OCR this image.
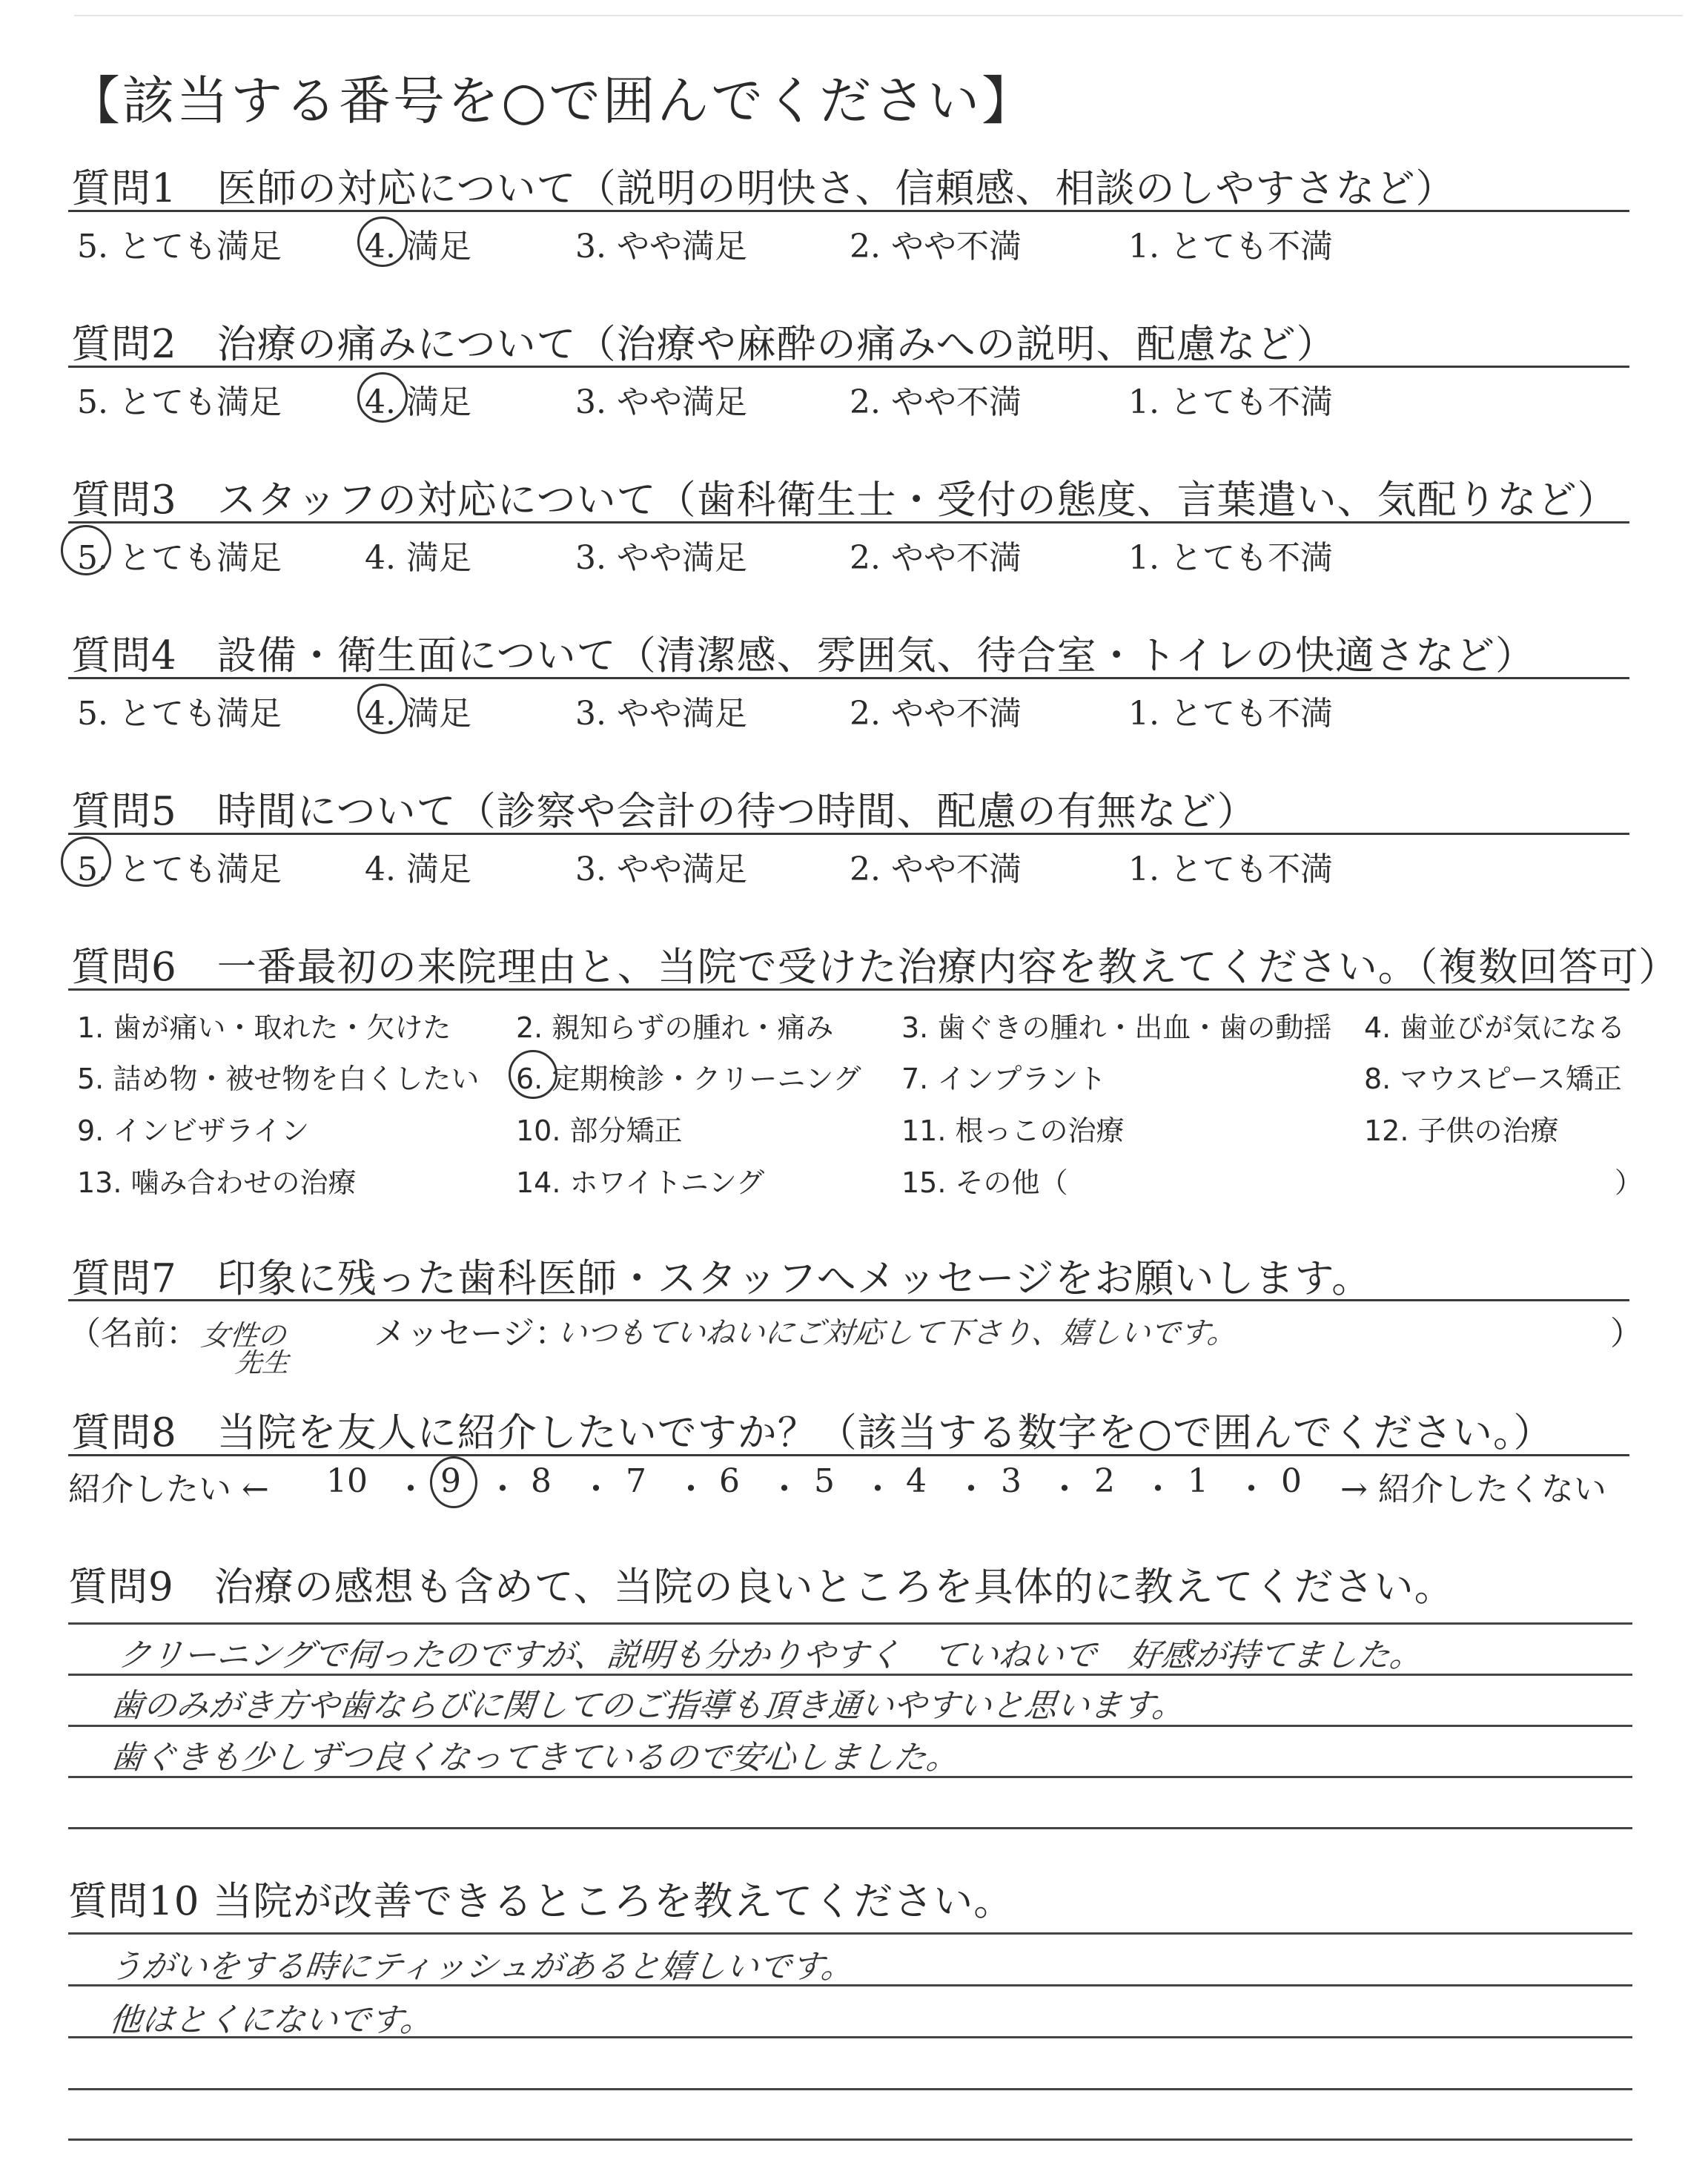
【該当する番号を○で囲んでください】
質問1　医師の対応について（説明の明快さ、信頼感、相談のしやすさなど）
5. とても満足	4. 満足	3. やや満足	2. やや不満	1. とても不満
質問2　治療の痛みについて（治療や麻酔の痛みへの説明、配慮など）
5. とても満足	4. 満足	3. やや満足	2. やや不満	1. とても不満
質問3　スタッフの対応について（歯科衛生士・受付の態度、言葉遣い、気配りなど）
5. とても満足	4. 満足	3. やや満足	2. やや不満	1. とても不満
質問4　設備・衛生面について（清潔感、雰囲気、待合室・トイレの快適さなど）
5. とても満足	4. 満足	3. やや満足	2. やや不満	1. とても不満
質問5　時間について（診察や会計の待つ時間、配慮の有無など）
5. とても満足	4. 満足	3. やや満足	2. やや不満	1. とても不満
質問6　一番最初の来院理由と、当院で受けた治療内容を教えてください。（複数回答可）
1. 歯が痛い・取れた・欠けた 2. 親知らずの腫れ・痛み 3. 歯ぐきの腫れ・出血・歯の動揺 4. 歯並びが気になる
5. 詰め物・被せ物を白くしたい 6. 定期検診・クリーニング 7. インプラント	8. マウスピース矯正
9. インビザライン	10. 部分矯正	11. 根っこの治療	12. 子供の治療
13. 噛み合わせの治療	14. ホワイトニング	15. その他（	）
質問7　印象に残った歯科医師・スタッフへメッセージをお願いします。
（名前： 女性の
先生
メッセージ：
いつもていねいにご対応して下さり、嬉しいです。	）
質問8　当院を友人に紹介したいですか？（該当する数字を○で囲んでください。）
紹介したい ← 10 ・ 9 ・ 8 ・ 7 ・ 6 ・ 5 ・ 4 ・ 3 ・ 2 ・ 1 ・ 0 → 紹介したくない
質問9　治療の感想も含めて、当院の良いところを具体的に教えてください。
クリーニングで伺ったのですが、説明も分かりやすく　ていねいで　好感が持てました。
歯のみがき方や歯ならびに関してのご指導も頂き通いやすいと思います。
歯ぐきも少しずつ良くなってきているので安心しました。
質問10 当院が改善できるところを教えてください。
うがいをする時にティッシュがあると嬉しいです。
他はとくにないです。
